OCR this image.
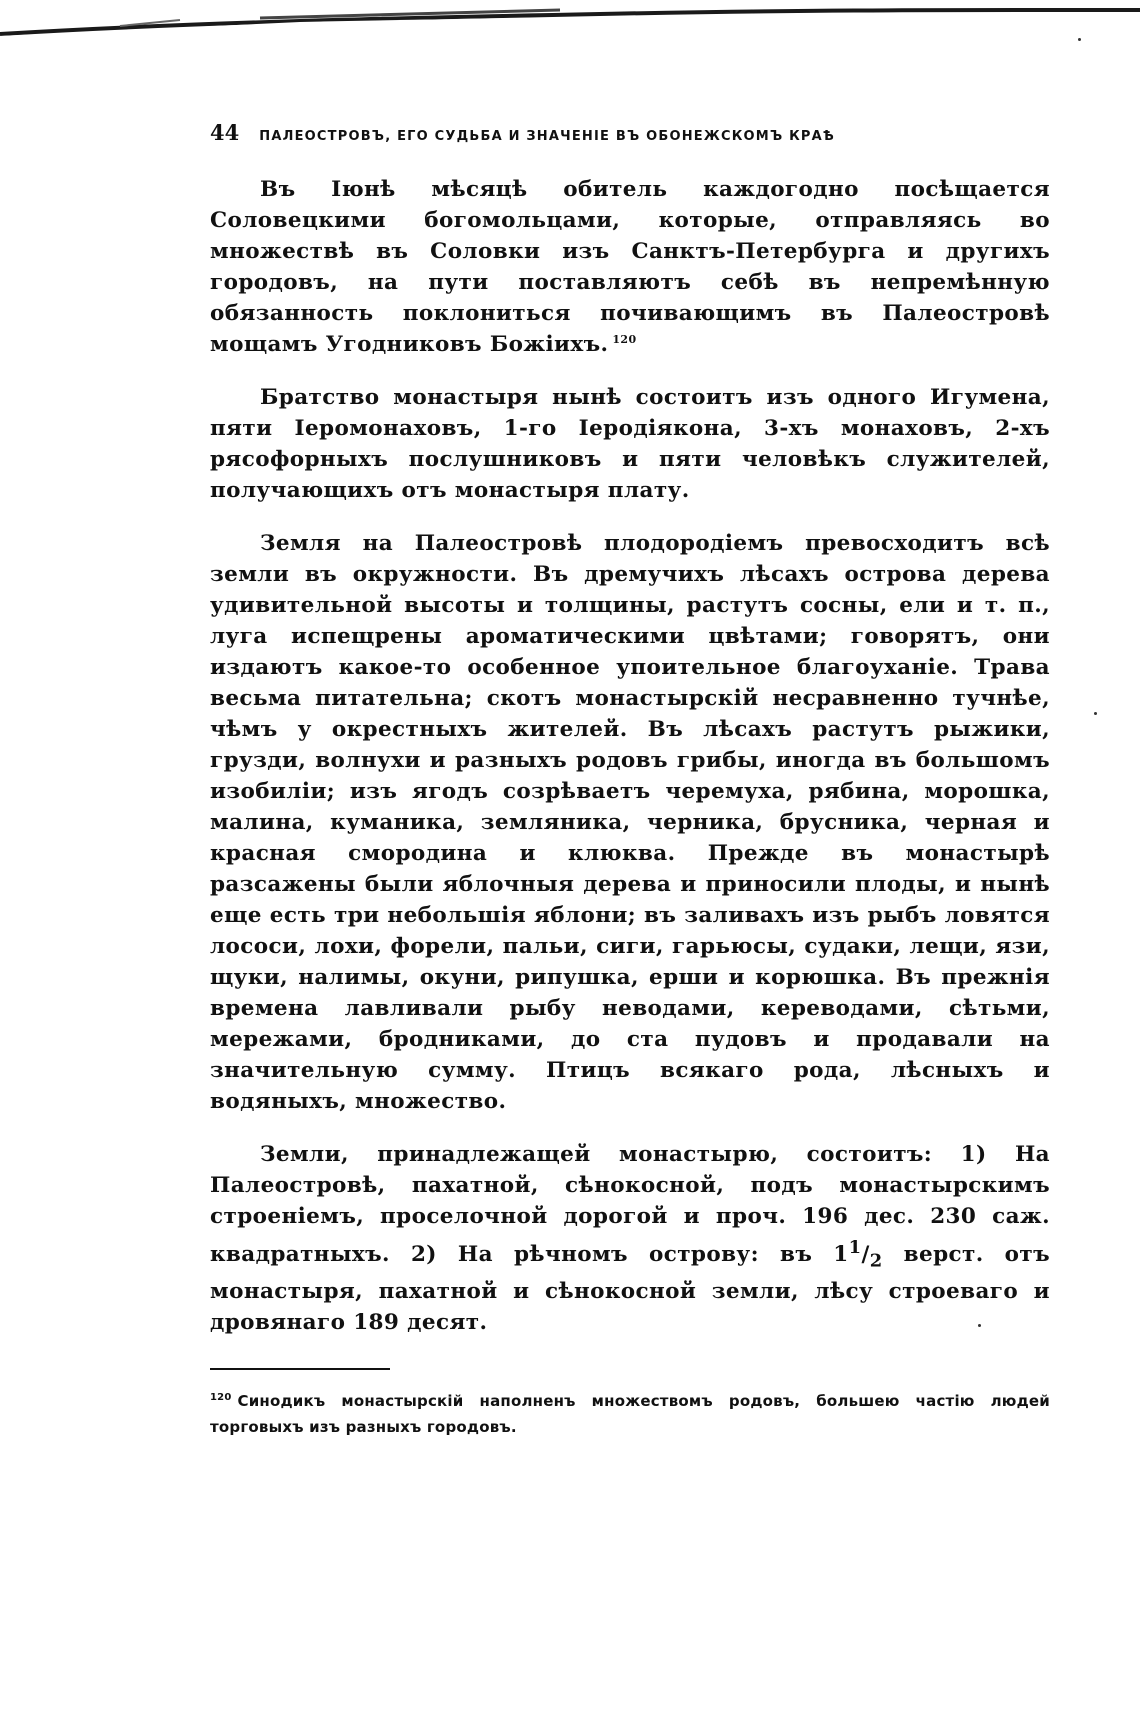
44 ПАЛЕОСТРОВЪ, ЕГО СУДЬБА И ЗНАЧЕНІЕ ВЪ ОБОНЕЖСКОМЪ КРАѢ

Въ Іюнѣ мѣсяцѣ обитель каждогодно посѣщается Соловецкими богомольцами, которые, отправляясь во множествѣ въ Соловки изъ Санктъ-Петербурга и другихъ городовъ, на пути поставляютъ себѣ въ непремѣнную обязанность поклониться почивающимъ въ Палеостровѣ мощамъ Угодниковъ Божіихъ. $^{120}$

Братство монастыря нынѣ состоитъ изъ одного Игумена, пяти Іеромонаховъ, 1-го Іеродіякона, 3-хъ монаховъ, 2-хъ рясофорныхъ послушниковъ и пяти человѣкъ служителей, получающихъ отъ монастыря плату.

Земля на Палеостровѣ плодородіемъ превосходитъ всѣ земли въ окружности. Въ дремучихъ лѣсахъ острова дерева удивительной высоты и толщины, растутъ сосны, ели и т. п., луга испещрены ароматическими цвѣтами; говорятъ, они издаютъ какое-то особенное упоительное благоуханіе. Трава весьма питательна; скотъ монастырскій несравненно тучнѣе, чѣмъ у окрестныхъ жителей. Въ лѣсахъ растутъ рыжики, грузди, волнухи и разныхъ родовъ грибы, иногда въ большомъ изобиліи; изъ ягодъ созрѣваетъ черемуха, рябина, морошка, малина, куманика, земляника, черника, брусника, черная и красная смородина и клюква. Прежде въ монастырѣ разсажены были яблочныя дерева и приносили плоды, и нынѣ еще есть три небольшія яблони; въ заливахъ изъ рыбъ ловятся лососи, лохи, форели, пальи, сиги, гарьюсы, судаки, лещи, язи, щуки, налимы, окуни, рипушка, ерши и корюшка. Въ прежнія времена лавливали рыбу неводами, кереводами, сѣтьми, мережами, бродниками, до ста пудовъ и продавали на значительную сумму. Птицъ всякаго рода, лѣсныхъ и водяныхъ, множество.

Земли, принадлежащей монастырю, состоитъ: 1) На Палеостровѣ, пахатной, сѣнокосной, подъ монастырскимъ строеніемъ, проселочной дорогой и проч. 196 дес. 230 саж. квадратныхъ. 2) На рѣчномъ острову: въ $1^1/_2$ верст. отъ монастыря, пахатной и сѣнокосной земли, лѣсу строеваго и дровянаго 189 десят.

$^{120}$ Синодикъ монастырскій наполненъ множествомъ родовъ, большею частію людей торговыхъ изъ разныхъ городовъ.
